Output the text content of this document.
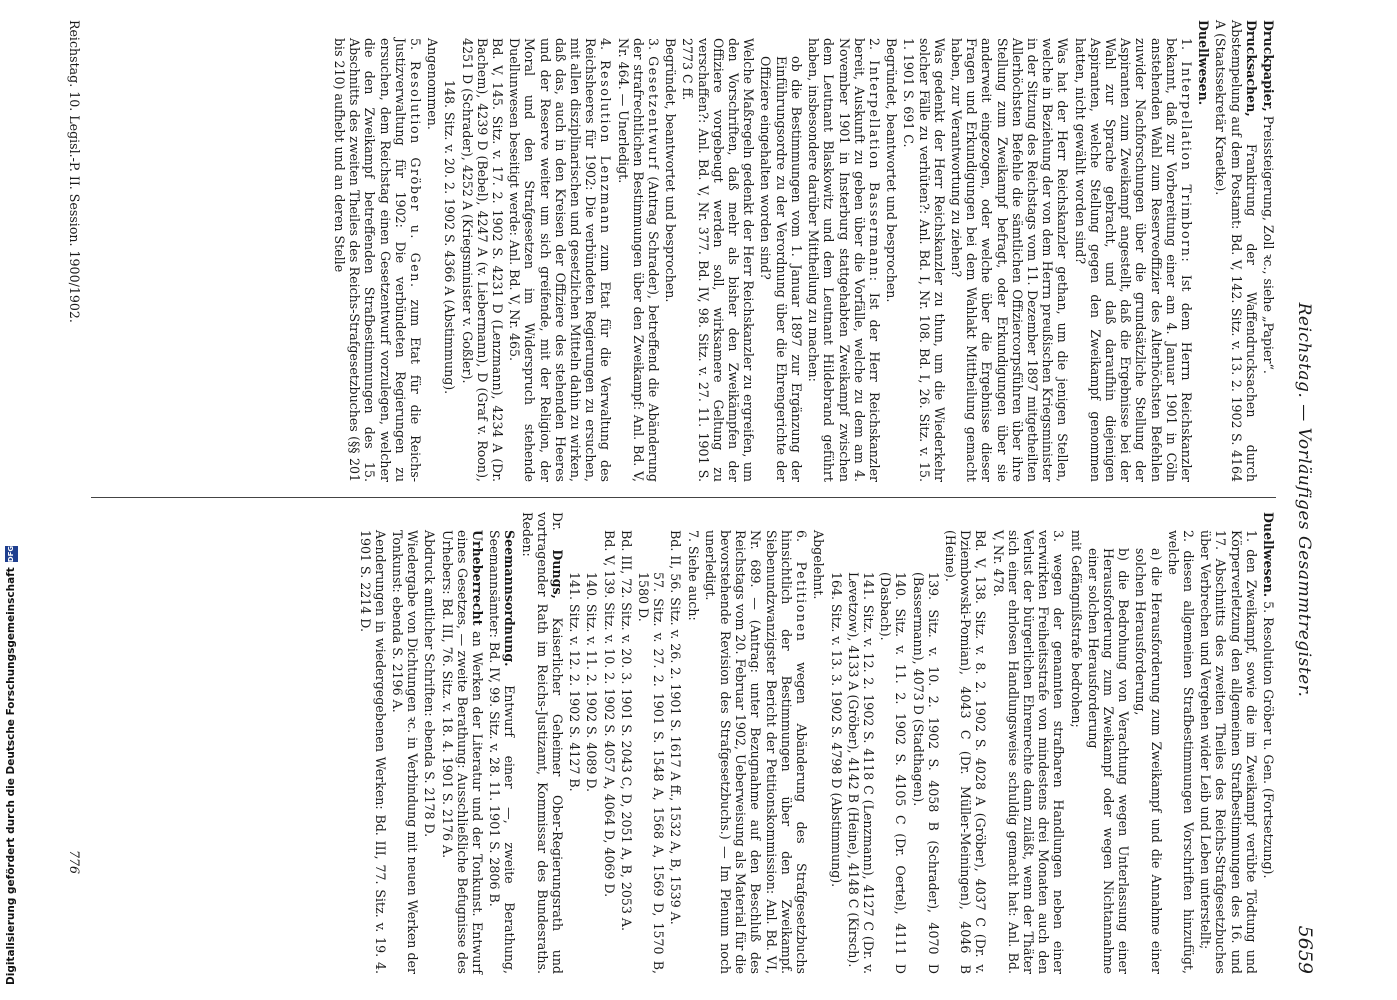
Reichstag. — Vorläufiges Gesammtregister.
5659

Druckpapier, Preissteigerung, Zoll ꝛc., siehe „Papier“.

Drucksachen, Frankirung der Waffendrucksachen durch Abstempelung auf dem Postamt: Bd. V, 142. Sitz. v. 13. 2. 1902 S. 4164 A (Staatssekretär Kraetke).

Duellwesen.

1. Interpellation Trimborn: Ist dem Herrn Reichskanzler bekannt, daß zur Vorbereitung einer am 4. Januar 1901 in Cöln anstehenden Wahl zum Reserveoffizier des Alterhöchsten Befehlen zuwider Nachforschungen über die grundsätzliche Stellung der Aspiranten zum Zweikampf angestellt, daß die Ergebnisse bei der Wahl zur Sprache gebracht, und daß daraufhin diejenigen Aspiranten, welche Stellung gegen den Zweikampf genommen hatten, nicht gewählt worden sind?

Was hat der Herr Reichskanzler gethan, um die jenigen Stellen, welche in Beziehung der von dem Herrn preußischen Kriegsminister in der Sitzung des Reichstags vom 11. Dezember 1897 mitgetheilten Allerhöchsten Befehle die sämtlichen Offiziercorpsführen über ihre Stellung zum Zweikampf befragt, oder Erkundigungen über sie anderweit eingezogen, oder welche über die Ergebnisse dieser Fragen und Erkundigungen bei dem Wahlakt Mittheilung gemacht haben, zur Verantwortung zu ziehen?

Was gedenkt der Herr Reichskanzler zu thun, um die Wiederkehr solcher Fälle zu verhüten?: Anl. Bd. I, Nr. 108. Bd. I, 26. Sitz. v. 15. 1. 1901 S. 691 C.

Begründet, beantwortet und besprochen.

2. Interpellation Bassermann: Ist der Herr Reichskanzler bereit, Auskunft zu geben über die Vorfälle, welche zu dem am 4. November 1901 in Insterburg stattgehabten Zweikampf zwischen dem Leutnant Blaskowitz und dem Leutnant Hildebrand geführt haben, insbesondere darüber Mittheilung zu machen:

ob die Bestimmungen vom 1. Januar 1897 zur Ergänzung der Einführungsordre zu der Verordnung über die Ehrengerichte der Offiziere eingehalten worden sind?

Welche Maßregeln gedenkt der Herr Reichskanzler zu ergreifen, um den Vorschriften, daß mehr als bisher den Zweikämpfen der Offiziere vorgebeugt werden soll, wirksamere Geltung zu verschaffen?: Anl. Bd. V, Nr. 377. Bd. IV, 98. Sitz. v. 27. 11. 1901 S. 2773 C ff.

Begründet, beantwortet und besprochen.

3. Gesetzentwurf (Antrag Schrader), betreffend die Abänderung der strafrechtlichen Bestimmungen über den Zweikampf: Anl. Bd. V, Nr. 464. — Unerledigt.

4. Resolution Lenzmann zum Etat für die Verwaltung des Reichsheeres für 1902: Die verbündeten Regierungen zu ersuchen, mit allen disziplinarischen und gesetzlichen Mitteln dahin zu wirken, daß das, auch in den Kreisen der Offiziere des stehenden Heeres und der Reserve weiter um sich greifende, mit der Religion, der Moral und den Strafgesetzen im Widerspruch stehende Duellunwesen beseitigt werde: Anl. Bd. V, Nr. 465.

Bd. V, 145. Sitz. v. 17. 2. 1902 S. 4231 D (Lenzmann), 4234 A (Dr. Bachem), 4239 D (Bebel), 4247 A (v. Liebermann), D (Graf v. Roon), 4251 D (Schrader), 4252 A (Kriegsminister v. Goßler).

148. Sitz. v. 20. 2. 1902 S. 4366 A (Abstimmung).

Angenommen.

5. Resolution Gröber u. Gen. zum Etat für die Reichs-Justizverwaltung für 1902: Die verbündeten Regierungen zu ersuchen, dem Reichstag einen Gesetzentwurf vorzulegen, welcher die den Zweikampf betreffenden Strafbestimmungen des 15. Abschnitts des zweiten Theiles des Reichs-Strafgesetzbuches (§§ 201 bis 210) aufhebt und an deren Stelle

Duellwesen. 5. Resolution Gröber u. Gen. (Fortsetzung).

1. den Zweikampf, sowie die im Zweikampf verübte Tödtung und Körperverletzung den allgemeinen Strafbestimmungen des 16. und 17. Abschnitts des zweiten Theiles des Reichs-Strafgesetzbuches über Verbrechen und Vergehen wider Leib und Leben unterstellt;

2. diesen allgemeinen Strafbestimmungen Vorschriften hinzufügt, welche

a) die Herausforderung zum Zweikampf und die Annahme einer solchen Herausforderung,

b) die Bedrohung von Verachtung wegen Unterlassung einer Herausforderung zum Zweikampf oder wegen Nichtannahme einer solchen Herausforderung

mit Gefängnißstrafe bedrohen;

3. wegen der genannten strafbaren Handlungen neben einer verwirkten Freiheitsstrafe von mindestens drei Monaten auch den Verlust der bürgerlichen Ehrenrechte dann zuläßt, wenn der Thäter sich einer ehrlosen Handlungsweise schuldig gemacht hat: Anl. Bd. V, Nr. 478.

Bd. V, 138. Sitz. v. 8. 2. 1902 S. 4028 A (Gröber), 4037 C (Dr. v. Dziembowski-Pomian), 4043 C (Dr. Müller-Meiningen), 4046 B (Heine).

139. Sitz. v. 10. 2. 1902 S. 4058 B (Schrader), 4070 D (Bassermann), 4073 D (Stadthagen).

140. Sitz. v. 11. 2. 1902 S. 4105 C (Dr. Oertel), 4111 D (Dasbach).

141. Sitz. v. 12. 2. 1902 S. 4118 C (Lenzmann), 4127 C (Dr. v. Levetzow), 4133 A (Gröber), 4142 B (Heine), 4148 C (Kirsch).

164. Sitz. v. 13. 3. 1902 S. 4798 D (Abstimmung).

Abgelehnt.

6. Petitionen wegen Abänderung des Strafgesetzbuchs hinsichtlich der Bestimmungen über den Zweikampf. Siebenundzwanzigster Bericht der Petitionskommission: Anl. Bd. VI, Nr. 689. — (Antrag: unter Bezugnahme auf den Beschluß des Reichstags vom 20. Februar 1902, Ueberweisung als Material für die bevorstehende Revision des Strafgesetzbuchs.) — Im Plenum noch unerledigt.

7. Siehe auch:

Bd. II, 56. Sitz. v. 26. 2. 1901 S. 1617 A ff., 1532 A, B, 1539 A.

57. Sitz. v. 27. 2. 1901 S. 1548 A, 1568 A, 1569 D, 1570 B, 1580 D.

Bd. III, 72. Sitz. v. 20. 3. 1901 S. 2043 C, D, 2051 A, B, 2053 A.

Bd. V, 139. Sitz. v. 10. 2. 1902 S. 4057 A, 4064 D, 4069 D.

140. Sitz. v. 11. 2. 1902 S. 4089 D.

141. Sitz. v. 12. 2. 1902 S. 4127 B.

Dr. Dungs, Kaiserlicher Geheimer Ober-Regierungsrath und vortragender Rath im Reichs-Justizamt, Kommissar des Bundesraths. Reden:

Seemannsordnung. Entwurf einer —, zweite Berathung, Seemannsämter: Bd. IV, 99. Sitz. v. 28. 11. 1901 S. 2806 B.

Urheberrecht an Werken der Literatur und der Tonkunst. Entwurf eines Gesetzes, — zweite Berathung: Ausschließliche Befugnisse des Urhebers: Bd. III, 76. Sitz. v. 18. 4. 1901 S. 2176 A.

Abdruck amtlicher Schriften: ebenda S. 2178 D.

Wiedergabe von Dichtungen ꝛc. in Verbindung mit neuen Werken der Tonkunst: ebenda S. 2196 A.

Aenderungen in wiedergegebenen Werken: Bd. III, 77. Sitz. v. 19. 4. 1901 S. 2214 D.

Reichstag. 10. Legisl.-P. II. Session. 1900/1902.
776
Digitalisierung gefördert durch die Deutsche Forschungsgemeinschaft
DFG
